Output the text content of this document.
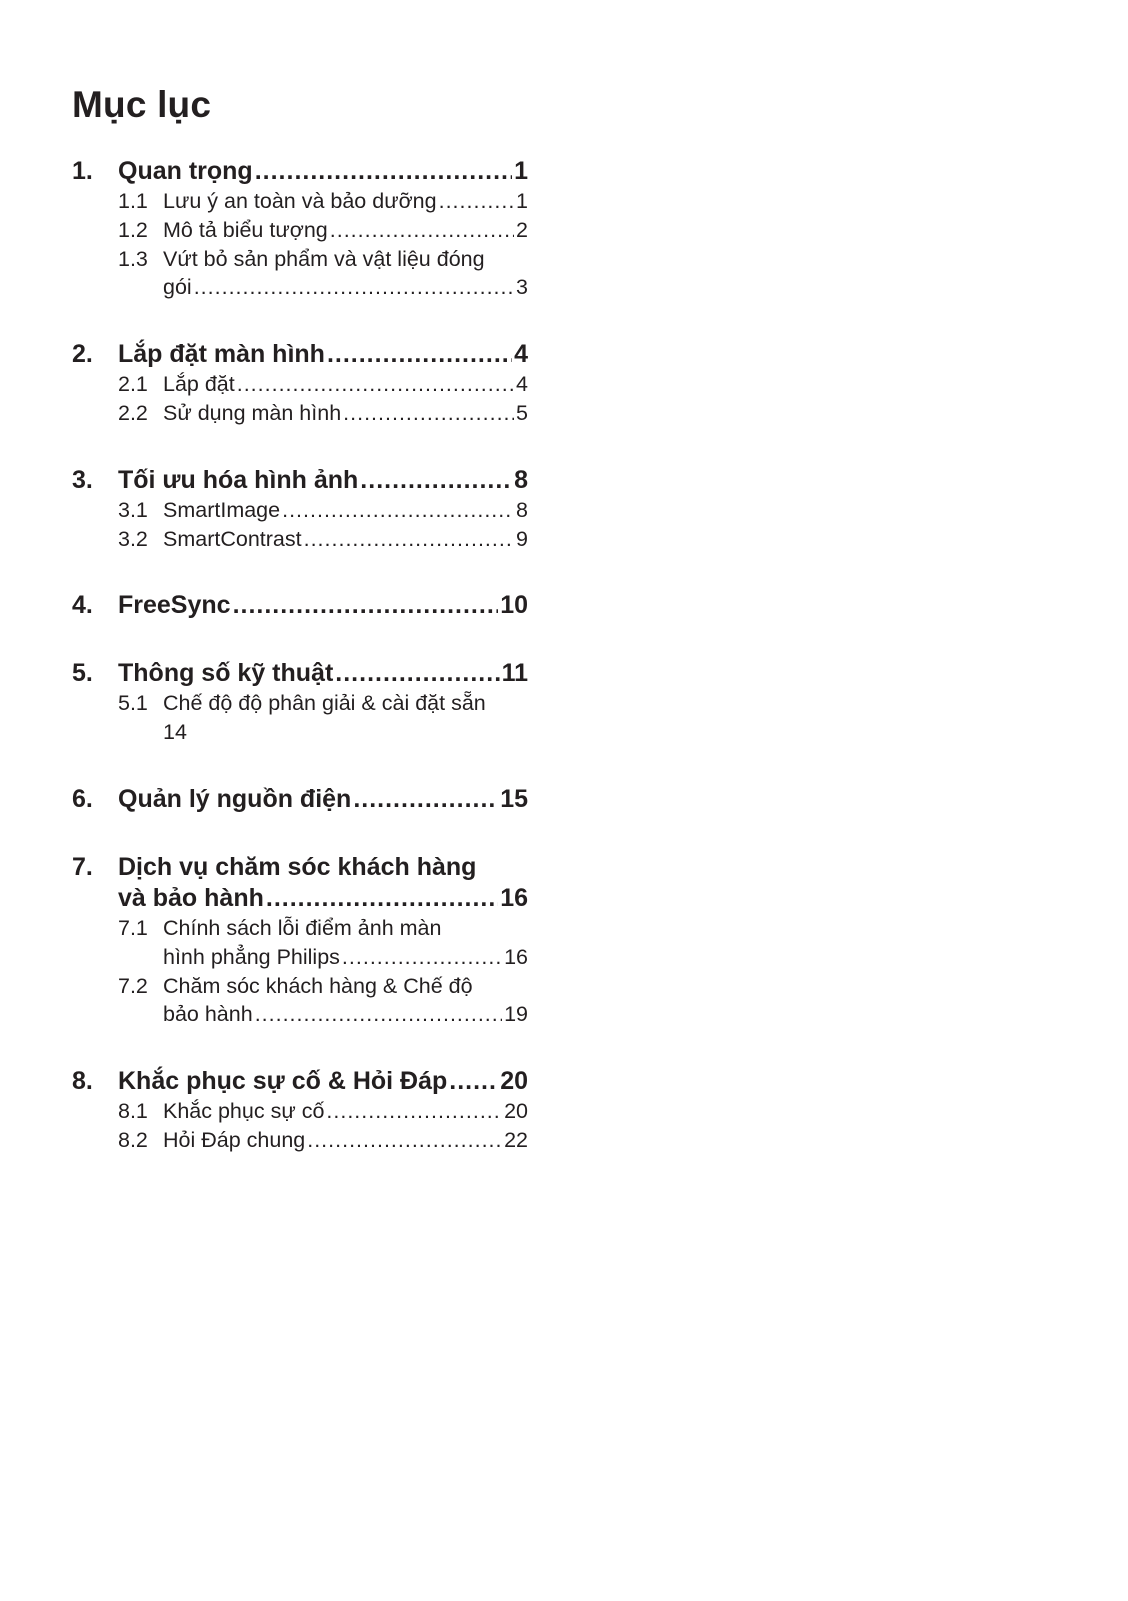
Mục lục
1.	Quan trọng .....	1
1.1 Lưu ý an toàn và bảo dưỡng .....	1
1.2 Mô tả biểu tượng .....	2
1.3 Vứt bỏ sản phẩm và vật liệu đóng
gói .....	3
2.	Lắp đặt màn hình .....	4
2.1 Lắp đặt .....	4
2.2 Sử dụng màn hình .....	5
3.	Tối ưu hóa hình ảnh .....	8
3.1 SmartImage .....	8
3.2 SmartContrast .....	9
4.	FreeSync .....	10
5.	Thông số kỹ thuật .....	11
5.1 Chế độ độ phân giải & cài đặt sẵn
14
6.	Quản lý nguồn điện .....	15
7.	Dịch vụ chăm sóc khách hàng
và bảo hành .....	16
7.1 Chính sách lỗi điểm ảnh màn
hình phẳng Philips .....	16
7.2 Chăm sóc khách hàng & Chế độ
bảo hành .....	19
8.	Khắc phục sự cố & Hỏi Đáp ..... 20
8.1 Khắc phục sự cố .....	20
8.2 Hỏi Đáp chung .....	22
